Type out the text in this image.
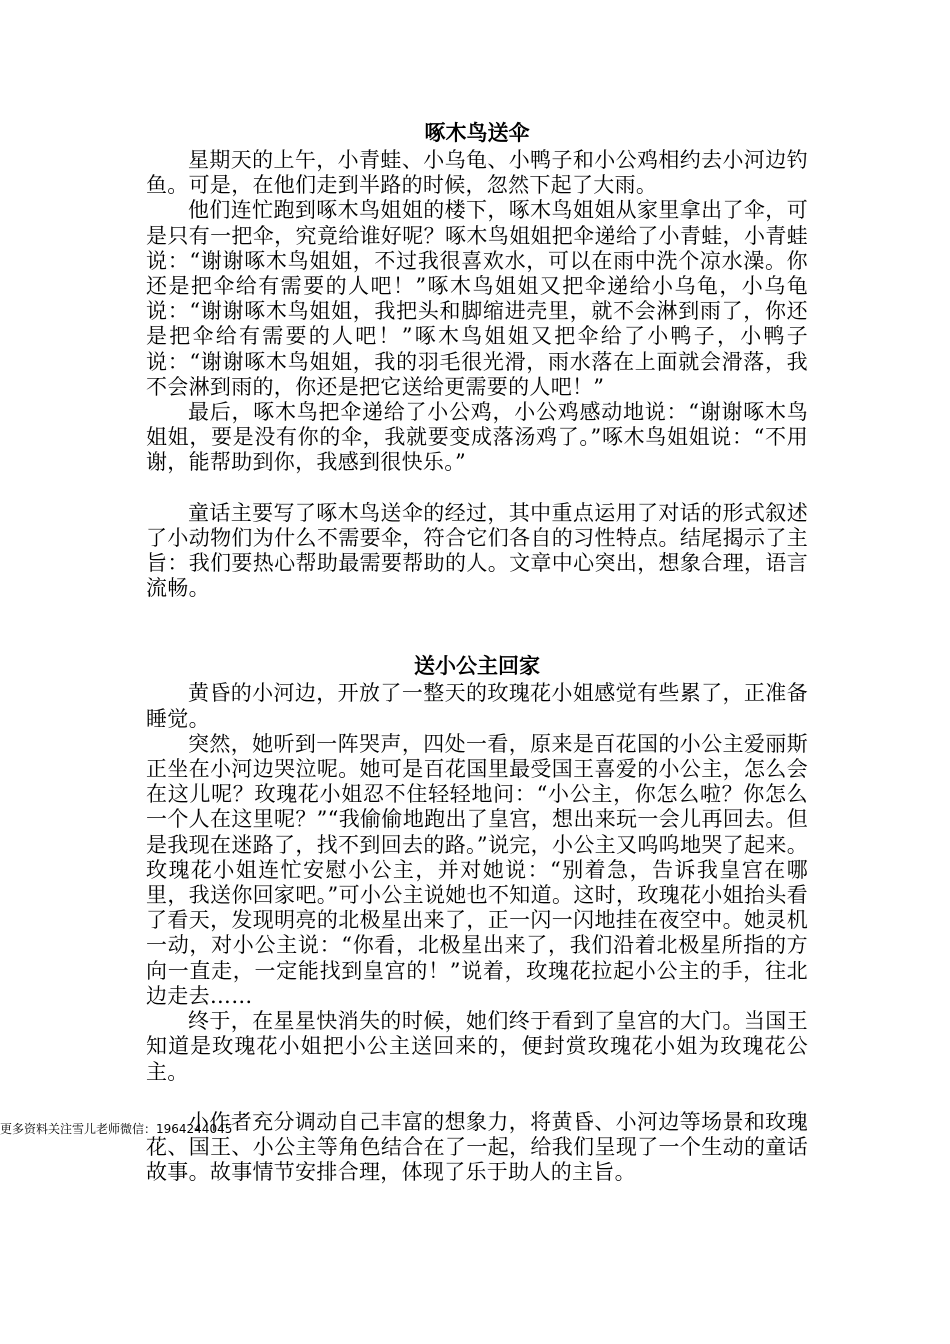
啄木鸟送伞

星期天的上午，小青蛙、小乌龟、小鸭子和小公鸡相约去小河边钓鱼。可是，在他们走到半路的时候，忽然下起了大雨。

他们连忙跑到啄木鸟姐姐的楼下，啄木鸟姐姐从家里拿出了伞，可是只有一把伞，究竟给谁好呢？啄木鸟姐姐把伞递给了小青蛙，小青蛙说：“谢谢啄木鸟姐姐，不过我很喜欢水，可以在雨中洗个凉水澡。你还是把伞给有需要的人吧！”啄木鸟姐姐又把伞递给小乌龟，小乌龟说：“谢谢啄木鸟姐姐，我把头和脚缩进壳里，就不会淋到雨了，你还是把伞给有需要的人吧！”啄木鸟姐姐又把伞给了小鸭子，小鸭子说：“谢谢啄木鸟姐姐，我的羽毛很光滑，雨水落在上面就会滑落，我不会淋到雨的，你还是把它送给更需要的人吧！”

最后，啄木鸟把伞递给了小公鸡，小公鸡感动地说：“谢谢啄木鸟姐姐，要是没有你的伞，我就要变成落汤鸡了。”啄木鸟姐姐说：“不用谢，能帮助到你，我感到很快乐。”

童话主要写了啄木鸟送伞的经过，其中重点运用了对话的形式叙述了小动物们为什么不需要伞，符合它们各自的习性特点。结尾揭示了主旨：我们要热心帮助最需要帮助的人。文章中心突出，想象合理，语言流畅。

送小公主回家

黄昏的小河边，开放了一整天的玫瑰花小姐感觉有些累了，正准备睡觉。

突然，她听到一阵哭声，四处一看，原来是百花国的小公主爱丽斯正坐在小河边哭泣呢。她可是百花国里最受国王喜爱的小公主，怎么会在这儿呢？玫瑰花小姐忍不住轻轻地问：“小公主，你怎么啦？你怎么一个人在这里呢？”“我偷偷地跑出了皇宫，想出来玩一会儿再回去。但是我现在迷路了，找不到回去的路。”说完，小公主又呜呜地哭了起来。玫瑰花小姐连忙安慰小公主，并对她说：“别着急，告诉我皇宫在哪里，我送你回家吧。”可小公主说她也不知道。这时，玫瑰花小姐抬头看了看天，发现明亮的北极星出来了，正一闪一闪地挂在夜空中。她灵机一动，对小公主说：“你看，北极星出来了，我们沿着北极星所指的方向一直走，一定能找到皇宫的！”说着，玫瑰花拉起小公主的手，往北边走去……

终于，在星星快消失的时候，她们终于看到了皇宫的大门。当国王知道是玫瑰花小姐把小公主送回来的，便封赏玫瑰花小姐为玫瑰花公主。

小作者充分调动自己丰富的想象力，将黄昏、小河边等场景和玫瑰花、国王、小公主等角色结合在了一起，给我们呈现了一个生动的童话故事。故事情节安排合理，体现了乐于助人的主旨。

更多资料关注雪儿老师微信：1964244045
